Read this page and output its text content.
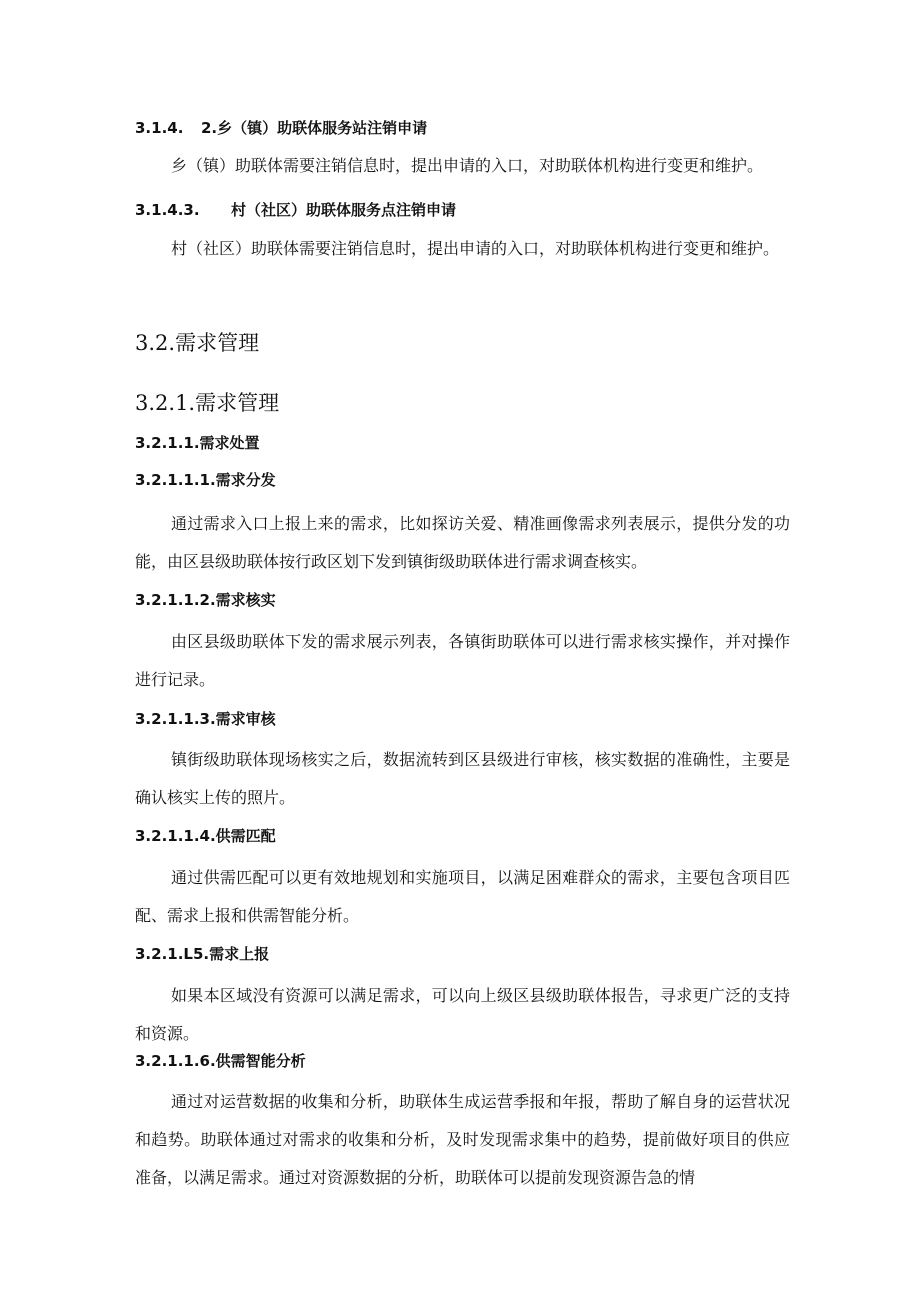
3.1.4. 2.乡（镇）助联体服务站注销申请

乡（镇）助联体需要注销信息时，提出申请的入口，对助联体机构进行变更和维护。

3.1.4.3. 村（社区）助联体服务点注销申请

村（社区）助联体需要注销信息时，提出申请的入口，对助联体机构进行变更和维护。

3.2.需求管理
3.2.1.需求管理
3.2.1.1.需求处置
3.2.1.1.1.需求分发

通过需求入口上报上来的需求，比如探访关爱、精准画像需求列表展示，提供分发的功能，由区县级助联体按行政区划下发到镇街级助联体进行需求调查核实。

3.2.1.1.2.需求核实

由区县级助联体下发的需求展示列表，各镇街助联体可以进行需求核实操作，并对操作进行记录。

3.2.1.1.3.需求审核

镇街级助联体现场核实之后，数据流转到区县级进行审核，核实数据的准确性，主要是确认核实上传的照片。

3.2.1.1.4.供需匹配

通过供需匹配可以更有效地规划和实施项目，以满足困难群众的需求，主要包含项目匹配、需求上报和供需智能分析。

3.2.1.L5.需求上报

如果本区域没有资源可以满足需求，可以向上级区县级助联体报告，寻求更广泛的支持和资源。

3.2.1.1.6.供需智能分析

通过对运营数据的收集和分析，助联体生成运营季报和年报，帮助了解自身的运营状况和趋势。助联体通过对需求的收集和分析，及时发现需求集中的趋势，提前做好项目的供应准备，以满足需求。通过对资源数据的分析，助联体可以提前发现资源告急的情
